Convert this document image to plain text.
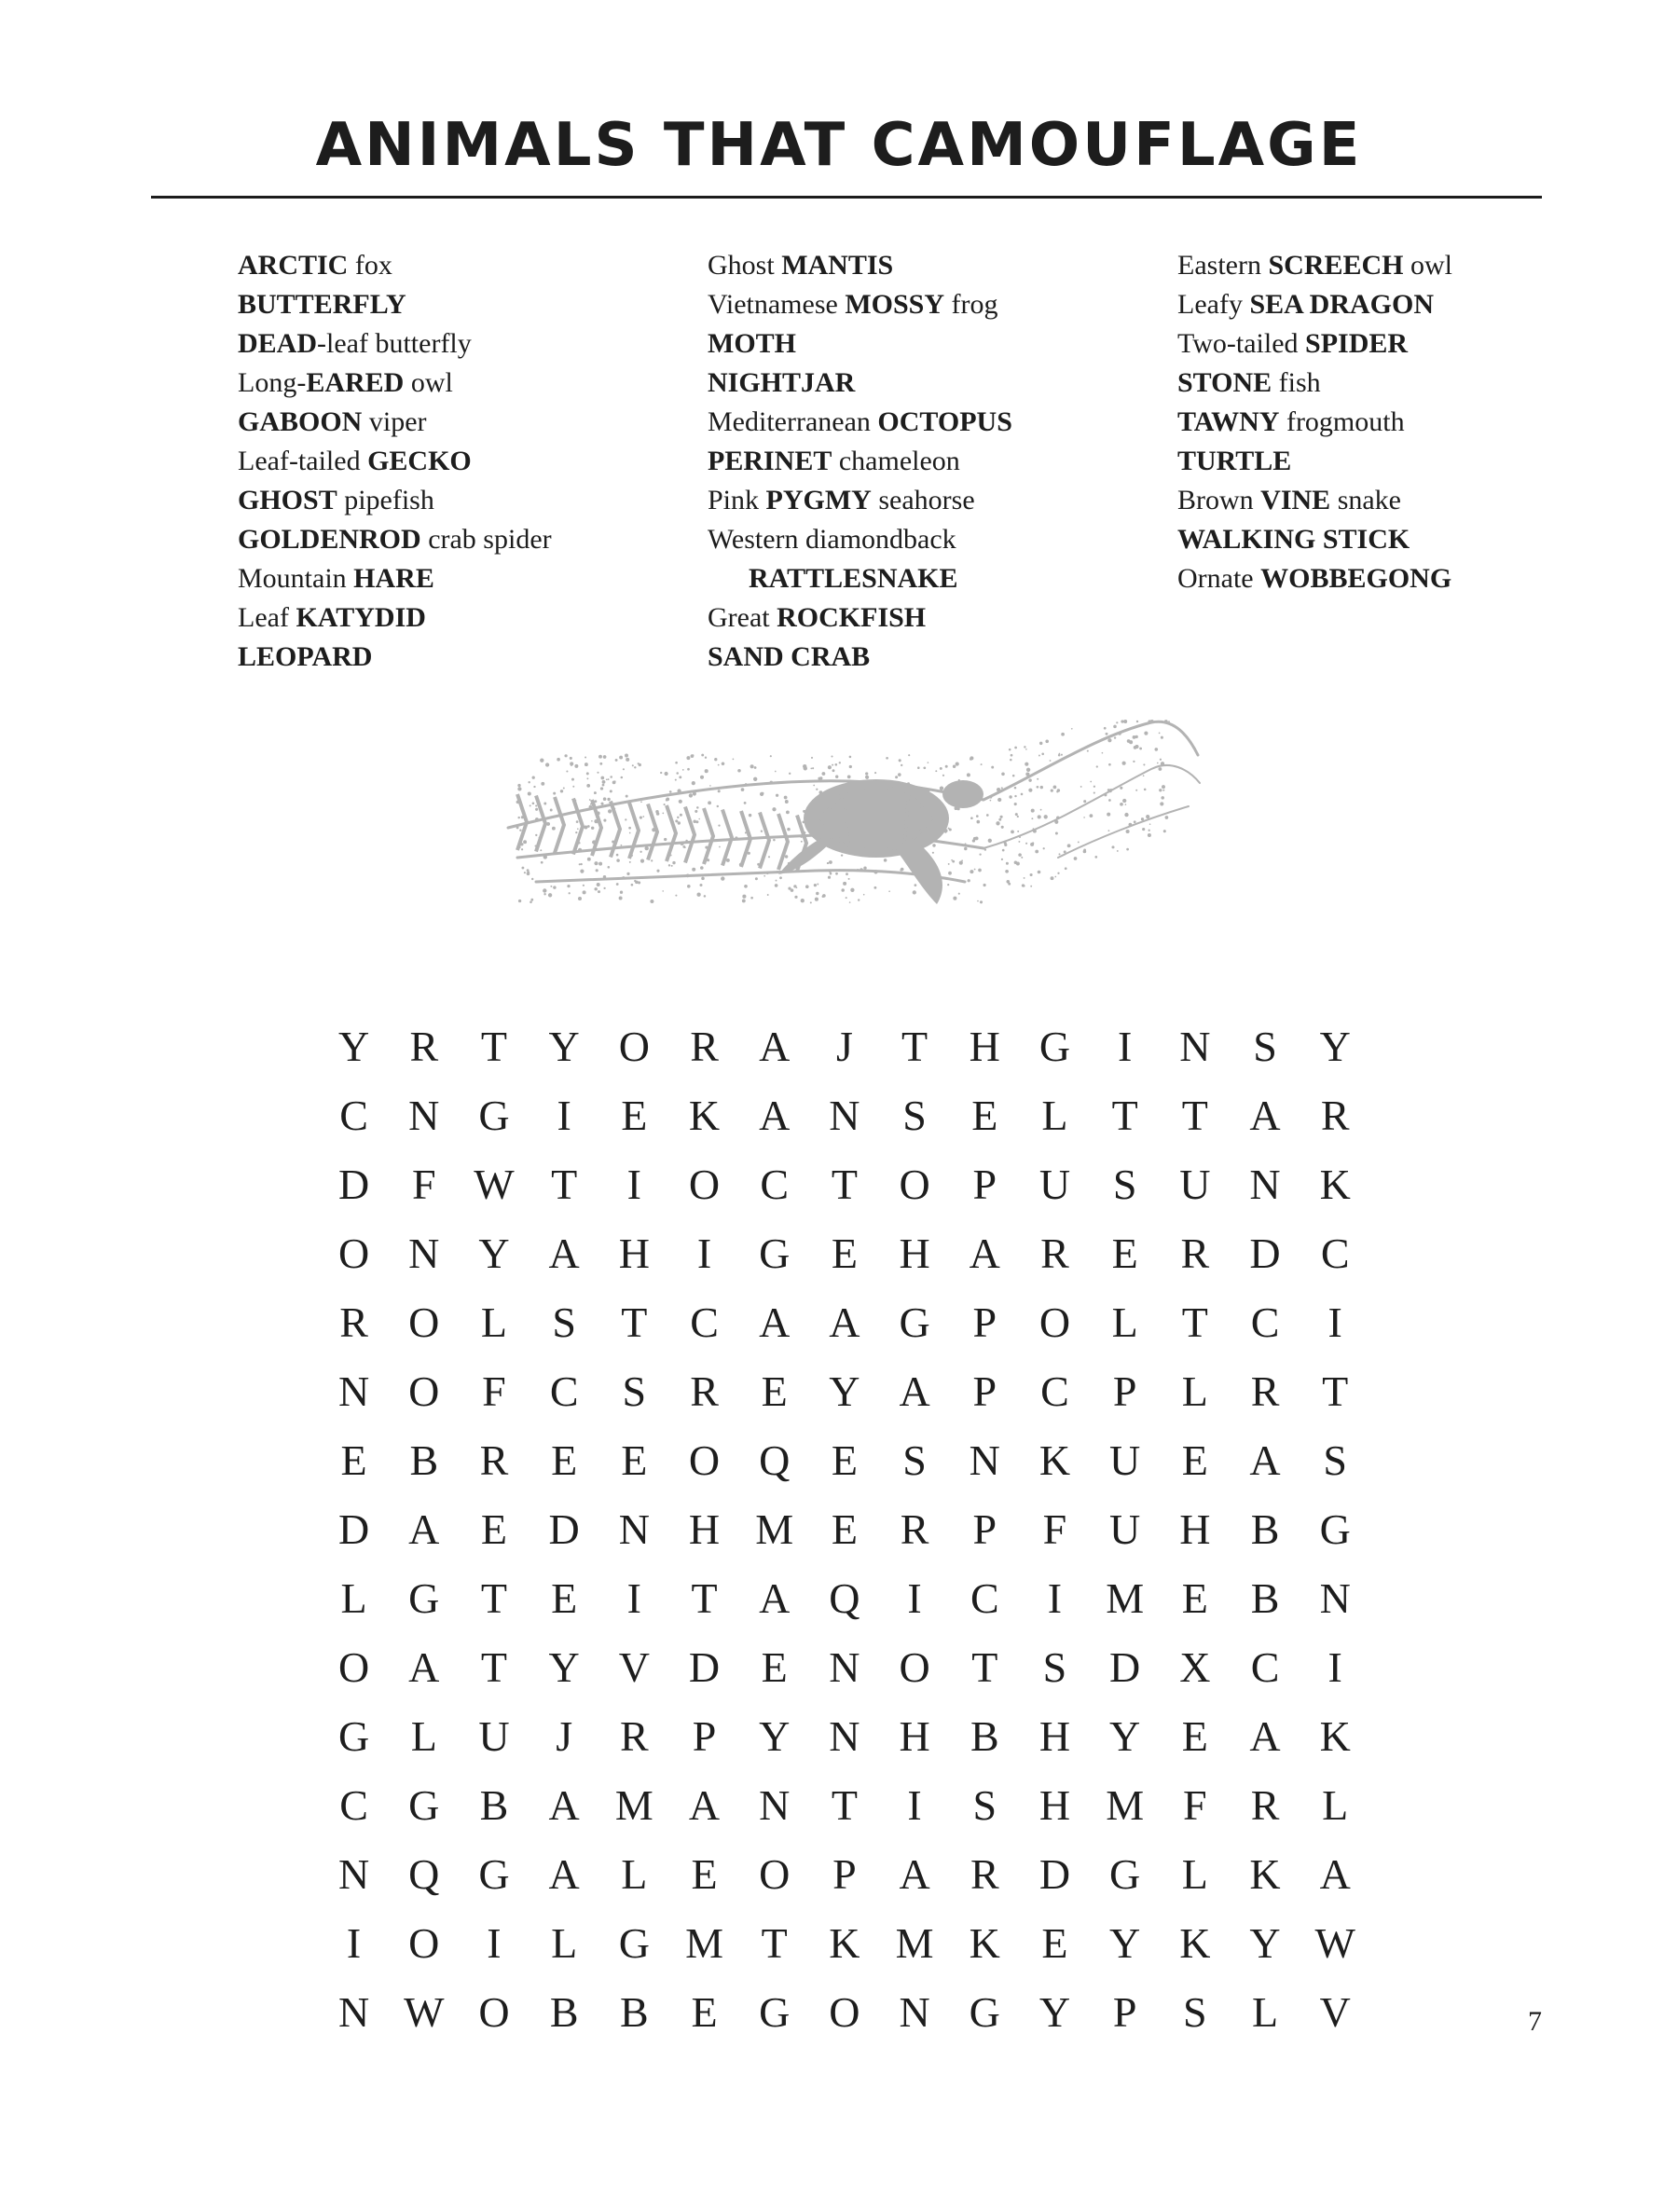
ANIMALS THAT CAMOUFLAGE
ARCTIC fox
BUTTERFLY
DEAD-leaf butterfly
Long-EARED owl
GABOON viper
Leaf-tailed GECKO
GHOST pipefish
GOLDENROD crab spider
Mountain HARE
Leaf KATYDID
LEOPARD
Ghost MANTIS
Vietnamese MOSSY frog
MOTH
NIGHTJAR
Mediterranean OCTOPUS
PERINET chameleon
Pink PYGMY seahorse
Western diamondback
RATTLESNAKE
Great ROCKFISH
SAND CRAB
Eastern SCREECH owl
Leafy SEA DRAGON
Two-tailed SPIDER
STONE fish
TAWNY frogmouth
TURTLE
Brown VINE snake
WALKING STICK
Ornate WOBBEGONG
Y R T Y O R A	J	T H G	I	N S Y
C N G	I	E K A N S	E	L	T	T A R
D F W T	I	O C T O P U S U N K
O N Y A H	I	G E H A R E R D C
R O L	S	T C A A G P O L	T C	I
N O F	C	S	R E Y A P	C	P	L R T
E B R E	E O Q E	S N K U E A S
D A E D N H M E R	P	F U H B G
L G T	E	I	T A Q	I	C	I	M E B N
O A T Y V D E N O T	S D X C	I
G L U	J	R	P Y N H B H Y E A K
C G B A M A N T	I	S H M F	R L
N Q G A L	E O P A R D G L K A
I	O	I	L G M T K M K E Y K Y W
N W O B B E G O N G Y P	S	L V	7
